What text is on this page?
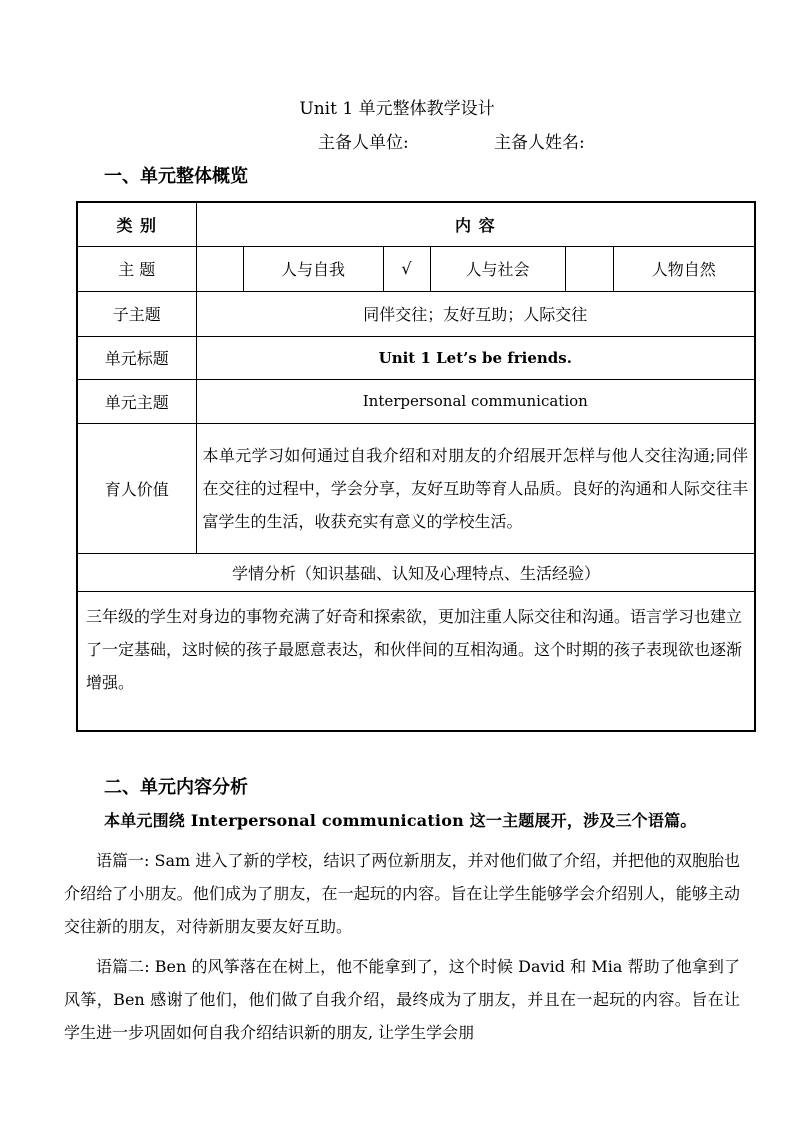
Unit 1 单元整体教学设计
主备人单位:	主备人姓名:
一、单元整体概览
类 别	内 容					
主 题		人与自我	√	人与社会		人物自然
子主题	同伴交往；友好互助；人际交往					
单元标题	Unit 1 Let’s be friends.					
单元主题	Interpersonal communication					
育人价值	本单元学习如何通过自我介绍和对朋友的介绍展开怎样与他人交往沟通;同伴在交往的过程中，学会分享，友好互助等育人品质。良好的沟通和人际交往丰富学生的生活，收获充实有意义的学校生活。					
学情分析（知识基础、认知及心理特点、生活经验）						
三年级的学生对身边的事物充满了好奇和探索欲，更加注重人际交往和沟通。语言学习也建立了一定基础，这时候的孩子最愿意表达，和伙伴间的互相沟通。这个时期的孩子表现欲也逐渐增强。						
二、单元内容分析
本单元围绕 Interpersonal communication 这一主题展开，涉及三个语篇。

语篇一: Sam 进入了新的学校，结识了两位新朋友，并对他们做了介绍，并把他的双胞胎也介绍给了小朋友。他们成为了朋友，在一起玩的内容。旨在让学生能够学会介绍别人，能够主动交往新的朋友，对待新朋友要友好互助。

语篇二: Ben 的风筝落在在树上，他不能拿到了，这个时候 David 和 Mia 帮助了他拿到了风筝，Ben 感谢了他们，他们做了自我介绍，最终成为了朋友，并且在一起玩的内容。旨在让学生进一步巩固如何自我介绍结识新的朋友, 让学生学会朋
